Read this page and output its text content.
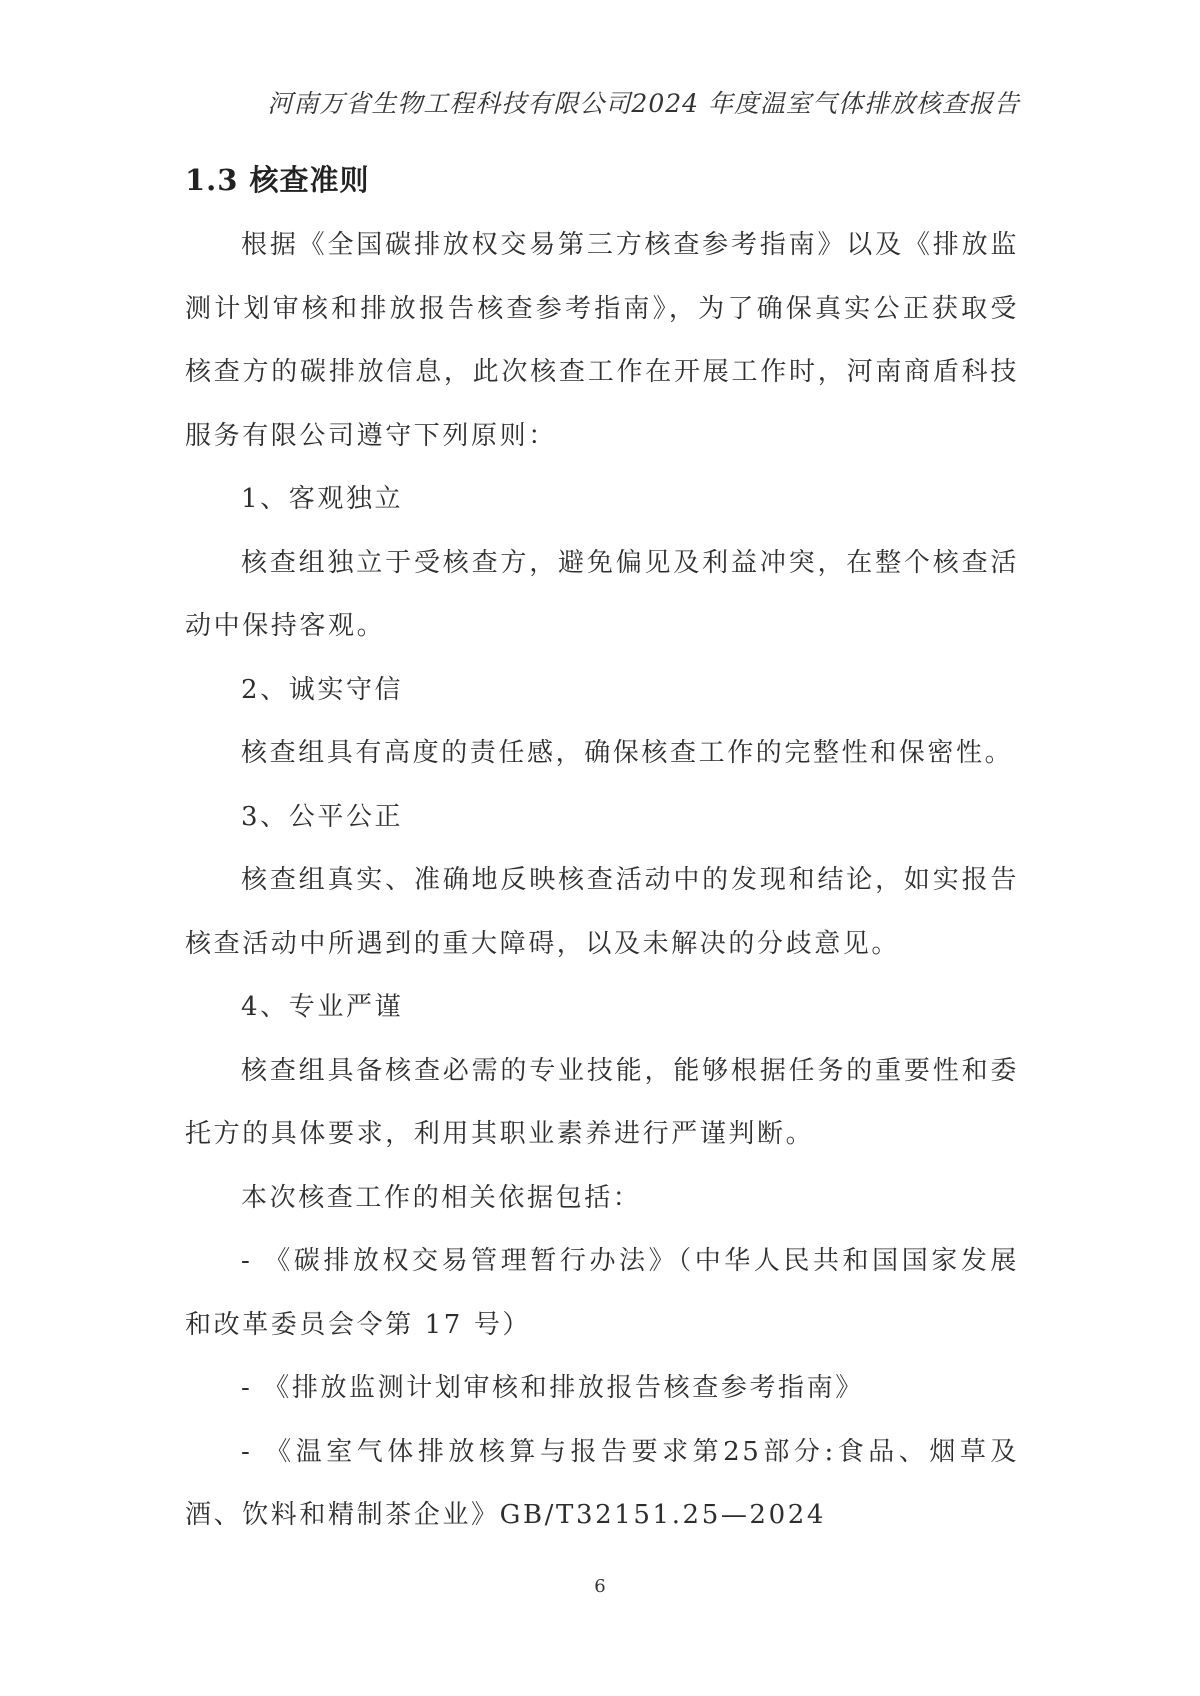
河南万省生物工程科技有限公司2024 年度温室气体排放核查报告
1.3 核查准则

根据《全国碳排放权交易第三方核查参考指南》以及《排放监测计划审核和排放报告核查参考指南》，为了确保真实公正获取受核查方的碳排放信息，此次核查工作在开展工作时，河南商盾科技服务有限公司遵守下列原则：

1、客观独立

核查组独立于受核查方，避免偏见及利益冲突，在整个核查活动中保持客观。

2、诚实守信

核查组具有高度的责任感，确保核查工作的完整性和保密性。

3、公平公正

核查组真实、准确地反映核查活动中的发现和结论，如实报告核查活动中所遇到的重大障碍，以及未解决的分歧意见。

4、专业严谨

核查组具备核查必需的专业技能，能够根据任务的重要性和委托方的具体要求，利用其职业素养进行严谨判断。

本次核查工作的相关依据包括：

- 《碳排放权交易管理暂行办法》（中华人民共和国国家发展和改革委员会令第 17 号）

- 《排放监测计划审核和排放报告核查参考指南》

- 《温室气体排放核算与报告要求第25部分:食品、烟草及酒、饮料和精制茶企业》GB/T32151.25—2024

6
